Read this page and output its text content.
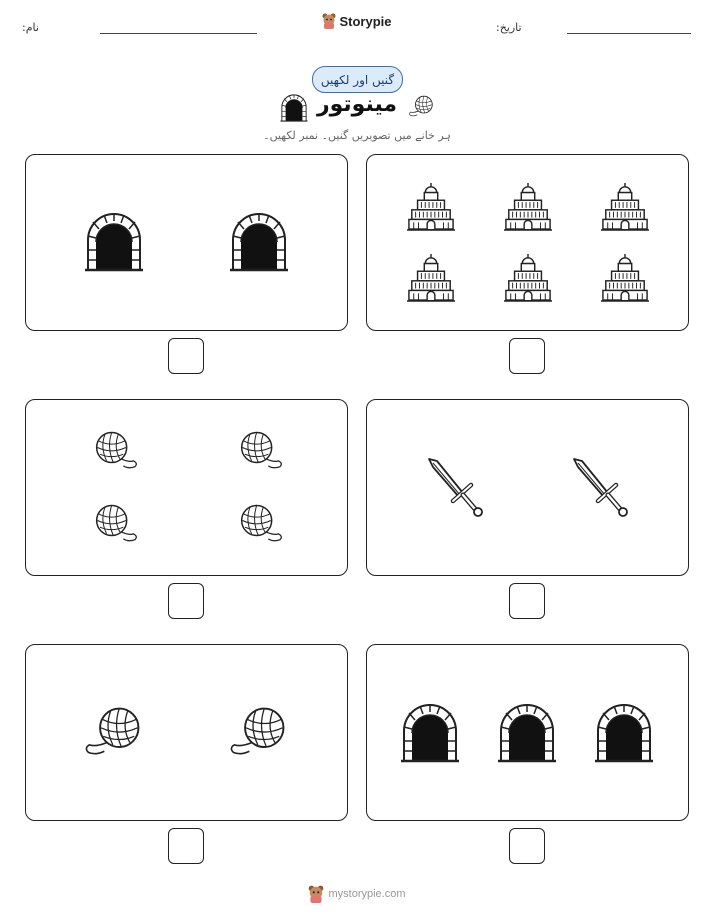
نام:	Storypie	تاریخ:
گنیں اور لکھیں
مینوتور
ہر خانے میں تصویریں گنیں۔ نمبر لکھیں۔
mystorypie.com
